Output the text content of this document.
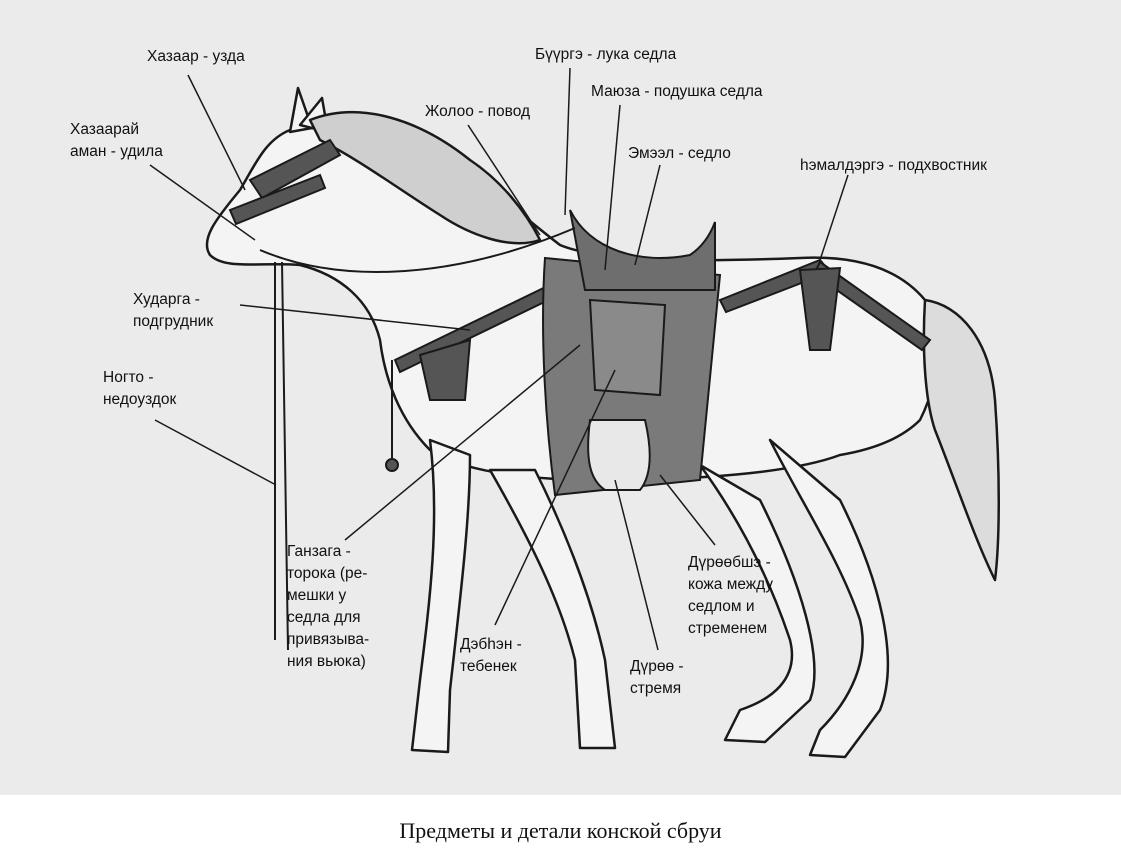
Хазаар - узда
Хазаарай
аман - удила
Хударга -
подгрудник
Ногто -
недоуздок
Жолоо - повод
Бүүргэ - лука седла
Маюза - подушка седла
Эмээл - седло
һэмалдэргэ - подхвостник
Ганзага -
торока (ре-
мешки у
седла для
привязыва-
ния вьюка)
Дэбһэн -
тебенек	Дүрөө -
стремя
Дүрөөбшэ -
кожа между
седлом и
стременем
Предметы и детали конской сбруи
